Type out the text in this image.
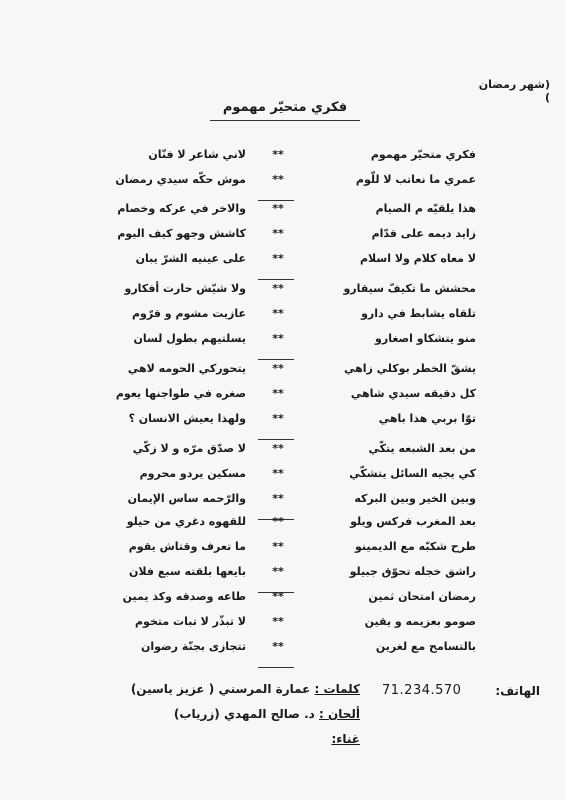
(شهر رمضان )
فكري متحيّر مهموم
فكري متحيّر مهموم
**
لاني شاعر لا فنّان
عمري ما نعاتب لا للّوم
**
موش حكّه سيدي رمضان
هذا يلقيّه م الصيام
**
والاخر في عركه وخصام
زايد ديمه على قدّام
**
كاشش وجهو كيف اليوم
لا معاه كلام ولا اسلام
**
على عينيه الشرّ يبان
محشش ما تكيفّ سيقارو
**
ولا شيّش حارت أفكارو
تلقاه يشابط في دارو
**
عازيت مشوم و قرّوم
منو يتشكاو اصغارو
**
يسلتيهم بطول لسان
يشقّ الخطر بوكلي زاهي
**
يتحوركي الحومه لاهي
كل دقيقه سيدي شاهي
**
صغره في طواجنها يعوم
توّا بربي هذا باهي
**
ولهذا يعيش الانسان ؟
من بعد الشبعه يتكّي
**
لا صدّق مرّه و لا زكّي
كي يجيه السائل يتشكّي
**
مسكين يردو محروم
وبين الخير وبين البركه
**
والرّحمه ساس الإيمان
بعد المغرب فركس ويلو
**
للقهوه دغري من حيلو
طرح شكبّه مع الديمينو
**
ما تعرف وقتاش يقوم
راشق خجله تحوّق جبيلو
**
بايعها بلقته سبع فلان
رمضان امتحان ثمين
**
طاعه وصدقه وكذ يمين
صومو بعزيمه و يقين
**
لا تبذّر لا تبات متخوم
بالتسامح مع لغرين
**
تتجازى بجنّة رضوان
الهاتف:
71.234.570
كلمات : عمارة المرسني ( عزيز ياسين)
ألحان : د. صالح المهدي (زرياب)
غناء:
